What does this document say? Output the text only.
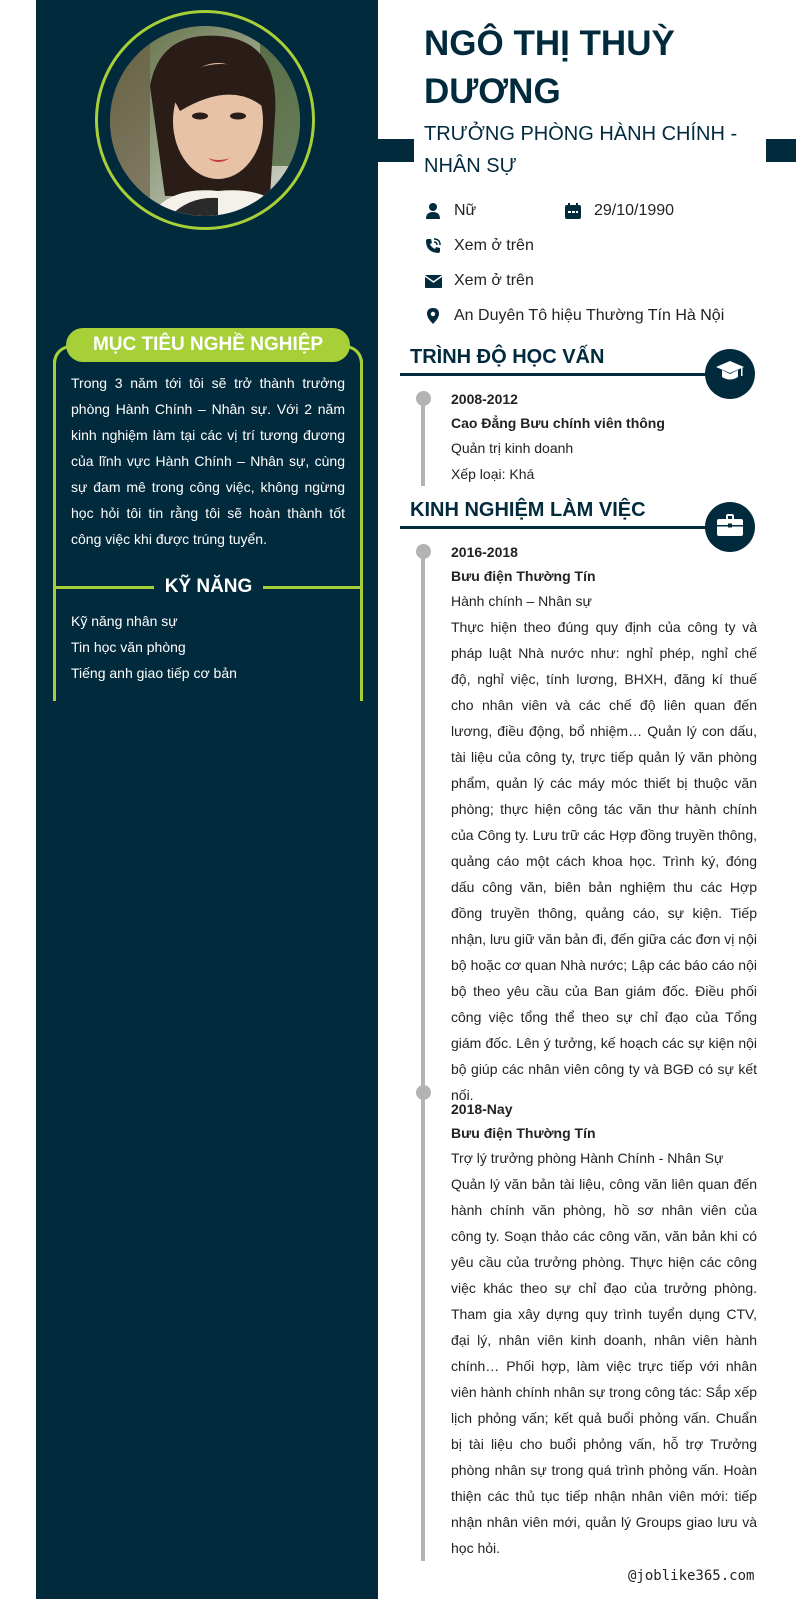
MỤC TIÊU NGHỀ NGHIỆP
Trong 3 năm tới tôi sẽ trở thành trưởng phòng Hành Chính – Nhân sự. Với 2 năm kinh nghiệm làm tại các vị trí tương đương của lĩnh vực Hành Chính – Nhân sự, cùng sự đam mê trong công việc, không ngừng học hỏi tôi tin rằng tôi sẽ hoàn thành tốt công việc khi được trúng tuyển.
KỸ NĂNG
Kỹ năng nhân sự
Tin học văn phòng
Tiếng anh giao tiếp cơ bản
NGÔ THỊ THUỲ DƯƠNG
TRƯỞNG PHÒNG HÀNH CHÍNH - NHÂN SỰ
Nữ	29/10/1990
Xem ở trên
Xem ở trên
An Duyên Tô hiệu Thường Tín Hà Nội
TRÌNH ĐỘ HỌC VẤN
2008-2012
Cao Đẳng Bưu chính viên thông
Quản trị kinh doanh
Xếp loại: Khá
KINH NGHIỆM LÀM VIỆC
2016-2018
Bưu điện Thường Tín
Hành chính – Nhân sự
Thực hiện theo đúng quy định của công ty và pháp luật Nhà nước như: nghỉ phép, nghỉ chế độ, nghỉ việc, tính lương, BHXH, đăng kí thuế cho nhân viên và các chế độ liên quan đến lương, điều động, bổ nhiệm… Quản lý con dấu, tài liệu của công ty, trực tiếp quản lý văn phòng phẩm, quản lý các máy móc thiết bị thuộc văn phòng; thực hiện công tác văn thư hành chính của Công ty. Lưu trữ các Hợp đồng truyền thông, quảng cáo một cách khoa học. Trình ký, đóng dấu công văn, biên bản nghiệm thu các Hợp đồng truyền thông, quảng cáo, sự kiện. Tiếp nhận, lưu giữ văn bản đi, đến giữa các đơn vị nội bộ hoặc cơ quan Nhà nước; Lập các báo cáo nội bộ theo yêu cầu của Ban giám đốc. Điều phối công việc tổng thể theo sự chỉ đạo của Tổng giám đốc. Lên ý tưởng, kế hoạch các sự kiện nội bộ giúp các nhân viên công ty và BGĐ có sự kết nối.
2018-Nay
Bưu điện Thường Tín
Trợ lý trưởng phòng Hành Chính - Nhân Sự
Quản lý văn bản tài liệu, công văn liên quan đến hành chính văn phòng, hồ sơ nhân viên của công ty. Soạn thảo các công văn, văn bản khi có yêu cầu của trưởng phòng. Thực hiện các công việc khác theo sự chỉ đạo của trưởng phòng. Tham gia xây dựng quy trình tuyển dụng CTV, đại lý, nhân viên kinh doanh, nhân viên hành chính… Phối hợp, làm việc trực tiếp với nhân viên hành chính nhân sự trong công tác: Sắp xếp lịch phỏng vấn; kết quả buổi phỏng vấn. Chuẩn bị tài liệu cho buổi phỏng vấn, hỗ trợ Trưởng phòng nhân sự trong quá trình phỏng vấn. Hoàn thiện các thủ tục tiếp nhận nhân viên mới: tiếp nhận nhân viên mới, quản lý Groups giao lưu và học hỏi.
@joblike365.com
